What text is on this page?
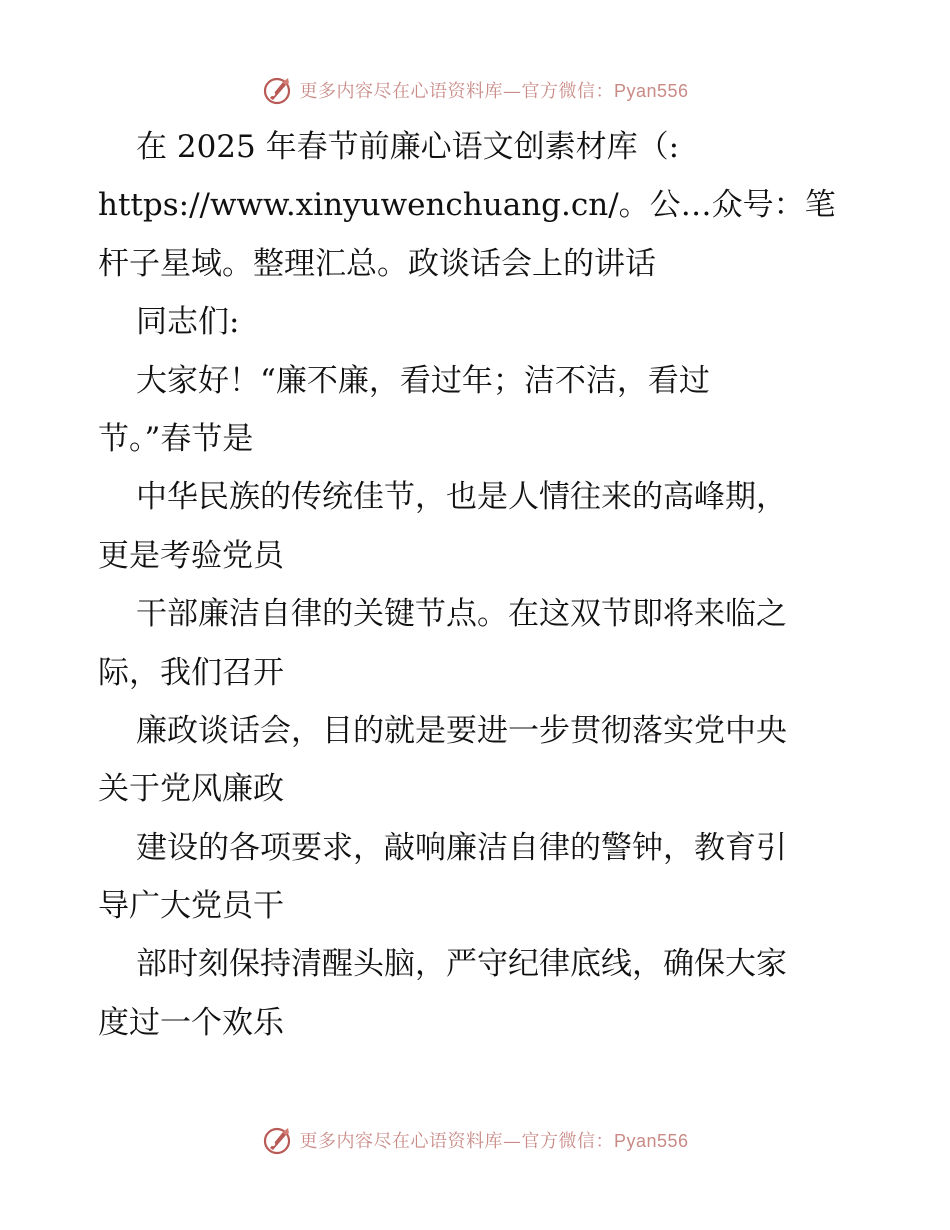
更多内容尽在心语资料库—官方微信：Pyan556
在 2025 年春节前廉心语文创素材库（:
https://www.xinyuwenchuang.cn/。公…众号：笔
杆子星域。整理汇总。政谈话会上的讲话
同志们:
大家好！“廉不廉，看过年；洁不洁，看过
节。”春节是
中华民族的传统佳节，也是人情往来的高峰期，
更是考验党员
干部廉洁自律的关键节点。在这双节即将来临之
际，我们召开
廉政谈话会，目的就是要进一步贯彻落实党中央
关于党风廉政
建设的各项要求，敲响廉洁自律的警钟，教育引
导广大党员干
部时刻保持清醒头脑，严守纪律底线，确保大家
度过一个欢乐
更多内容尽在心语资料库—官方微信：Pyan556
